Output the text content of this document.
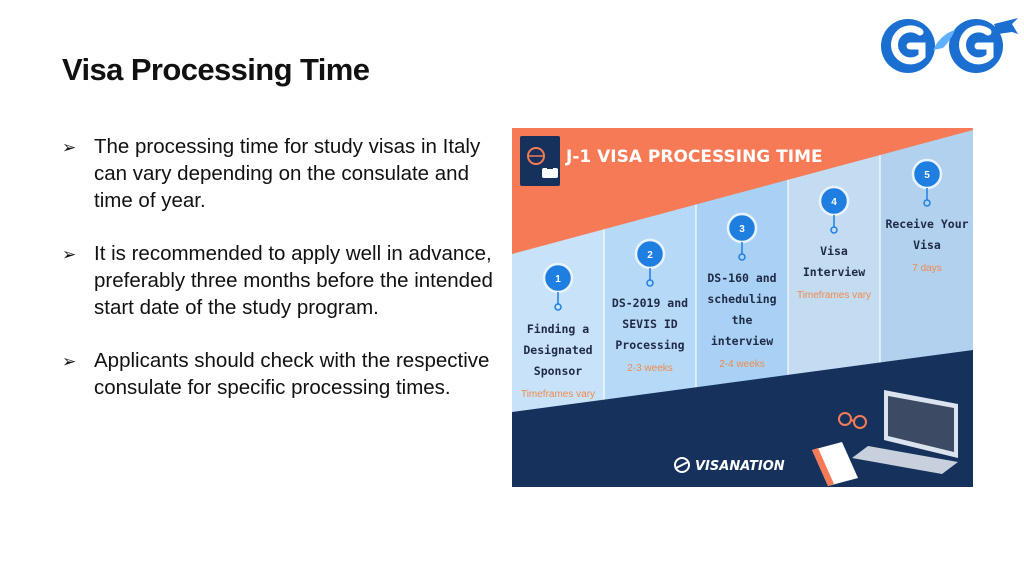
Visa Processing Time
➢ The processing time for study visas in Italy can vary depending on the consulate and time of year.
➢ It is recommended to apply well in advance, preferably three months before the intended start date of the study program.
➢ Applicants should check with the respective consulate for specific processing times.
J-1 VISA PROCESSING TIME
1
2
3
4
5
Finding a
Designated
Sponsor
Timeframes vary
DS-2019 and
SEVIS ID
Processing
2-3 weeks
DS-160 and
scheduling
the
interview
2-4 weeks
Visa
Interview
Timeframes vary
Receive Your
Visa
7 days
VISANATION
